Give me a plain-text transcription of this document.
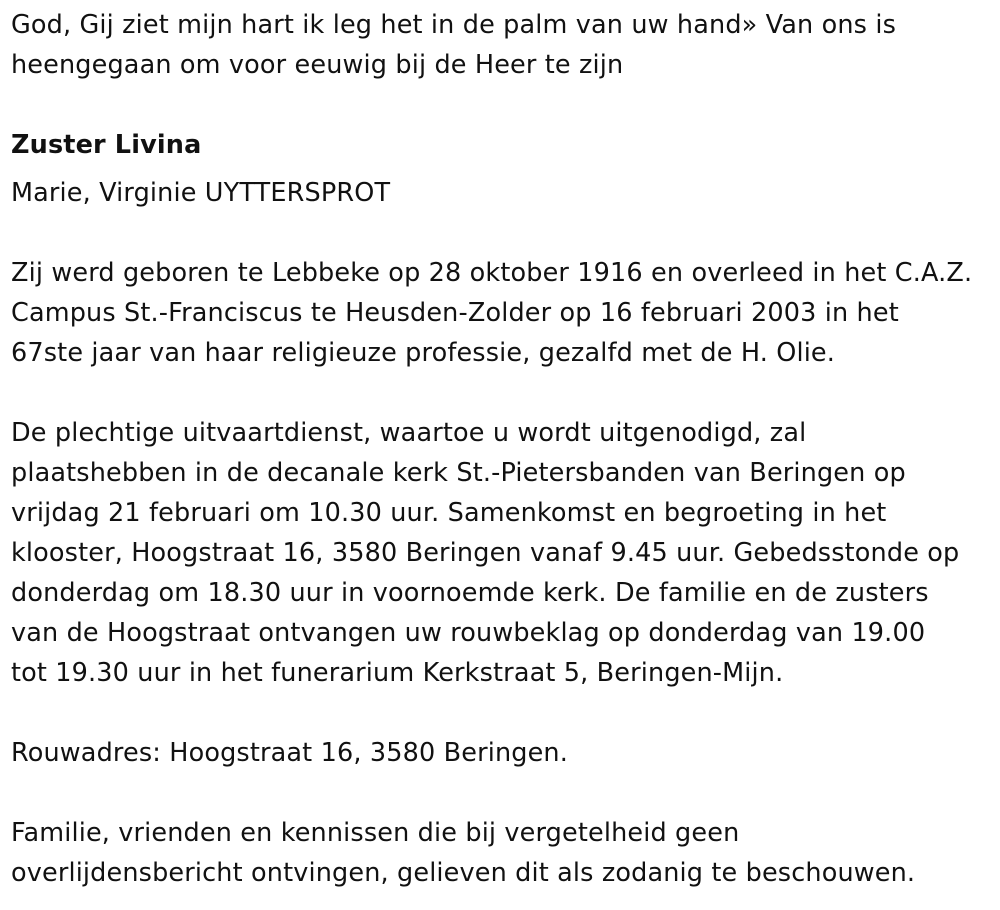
God, Gij ziet mijn hart ik leg het in de palm van uw hand» Van ons is
heengegaan om voor eeuwig bij de Heer te zijn
Zuster Livina
Marie, Virginie UYTTERSPROT
Zij werd geboren te Lebbeke op 28 oktober 1916 en overleed in het C.A.Z.
Campus St.-Franciscus te Heusden-Zolder op 16 februari 2003 in het
67ste jaar van haar religieuze professie, gezalfd met de H. Olie.
De plechtige uitvaartdienst, waartoe u wordt uitgenodigd, zal
plaatshebben in de decanale kerk St.-Pietersbanden van Beringen op
vrijdag 21 februari om 10.30 uur. Samenkomst en begroeting in het
klooster, Hoogstraat 16, 3580 Beringen vanaf 9.45 uur. Gebedsstonde op
donderdag om 18.30 uur in voornoemde kerk. De familie en de zusters
van de Hoogstraat ontvangen uw rouwbeklag op donderdag van 19.00
tot 19.30 uur in het funerarium Kerkstraat 5, Beringen-Mijn.
Rouwadres: Hoogstraat 16, 3580 Beringen.
Familie, vrienden en kennissen die bij vergetelheid geen
overlijdensbericht ontvingen, gelieven dit als zodanig te beschouwen.
